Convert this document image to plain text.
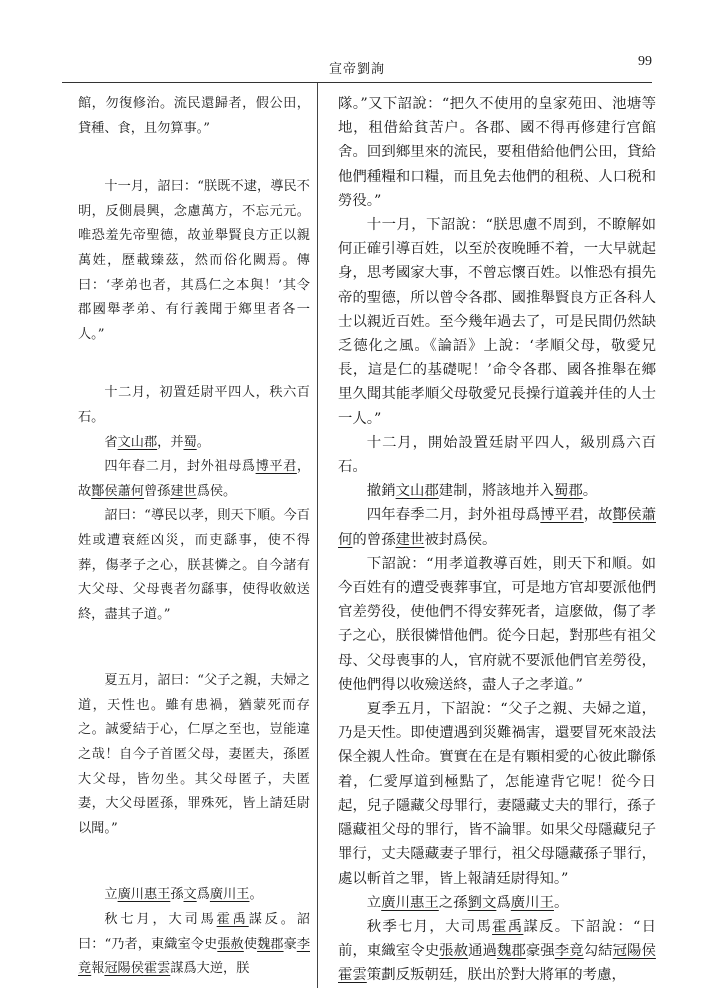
宣帝劉詢
99

館，勿復修治。流民還歸者，假公田，貸種、食，且勿算事。”

十一月，詔曰：“朕既不逮，導民不明，反側晨興，念慮萬方，不忘元元。唯恐羞先帝聖德，故並舉賢良方正以親萬姓，歷載臻茲，然而俗化闕焉。傳曰：‘孝弟也者，其爲仁之本與！’其令郡國舉孝弟、有行義聞于鄉里者各一人。”

十二月，初置廷尉平四人，秩六百石。

省文山郡，并蜀。

四年春二月，封外祖母爲博平君，故酇侯蕭何曾孫建世爲侯。

詔曰：“導民以孝，則天下順。今百姓或遭衰絰凶災，而吏繇事，使不得葬，傷孝子之心，朕甚憐之。自今諸有大父母、父母喪者勿繇事，使得收斂送終，盡其子道。”

夏五月，詔曰：“父子之親，夫婦之道，天性也。雖有患禍，猶蒙死而存之。誠愛結于心，仁厚之至也，豈能違之哉！自今子首匿父母，妻匿夫，孫匿大父母，皆勿坐。其父母匿子，夫匿妻，大父母匿孫，罪殊死，皆上請廷尉以聞。”

立廣川惠王孫文爲廣川王。

秋七月，大司馬霍禹謀反。詔曰：“乃者，東織室令史張赦使魏郡豪李竟報冠陽侯霍雲謀爲大逆，朕

隊。”又下詔說：“把久不使用的皇家苑田、池塘等地，租借給貧苦户。各郡、國不得再修建行宫館舍。回到鄉里來的流民，要租借給他們公田，貸給他們種糧和口糧，而且免去他們的租税、人口税和勞役。”

十一月，下詔說：“朕思慮不周到，不瞭解如何正確引導百姓，以至於夜晚睡不着，一大早就起身，思考國家大事，不曾忘懷百姓。以惟恐有損先帝的聖德，所以曾令各郡、國推舉賢良方正各科人士以親近百姓。至今幾年過去了，可是民間仍然缺乏德化之風。《論語》上說：‘孝順父母，敬愛兄長，這是仁的基礎呢！’命令各郡、國各推舉在鄉里久聞其能孝順父母敬愛兄長操行道義并佳的人士一人。”

十二月，開始設置廷尉平四人，級別爲六百石。

撤銷文山郡建制，將該地并入蜀郡。

四年春季二月，封外祖母爲博平君，故酇侯蕭何的曾孫建世被封爲侯。

下詔說：“用孝道教導百姓，則天下和順。如今百姓有的遭受喪葬事宜，可是地方官却要派他們官差勞役，使他們不得安葬死者，這麽做，傷了孝子之心，朕很憐惜他們。從今日起，對那些有祖父母、父母喪事的人，官府就不要派他們官差勞役，使他們得以收殮送終，盡人子之孝道。”

夏季五月，下詔說：“父子之親、夫婦之道，乃是天性。即使遭遇到災難禍害，還要冒死來設法保全親人性命。實實在在是有顆相愛的心彼此聯係着，仁愛厚道到極點了，怎能違背它呢！從今日起，兒子隱藏父母罪行，妻隱藏丈夫的罪行，孫子隱藏祖父母的罪行，皆不論罪。如果父母隱藏兒子罪行，丈夫隱藏妻子罪行，祖父母隱藏孫子罪行，處以斬首之罪，皆上報請廷尉得知。”

立廣川惠王之孫劉文爲廣川王。

秋季七月，大司馬霍禹謀反。下詔說：“日前，東織室令史張赦通過魏郡豪强李竟勾結冠陽侯霍雲策劃反叛朝廷，朕出於對大將軍的考慮，
